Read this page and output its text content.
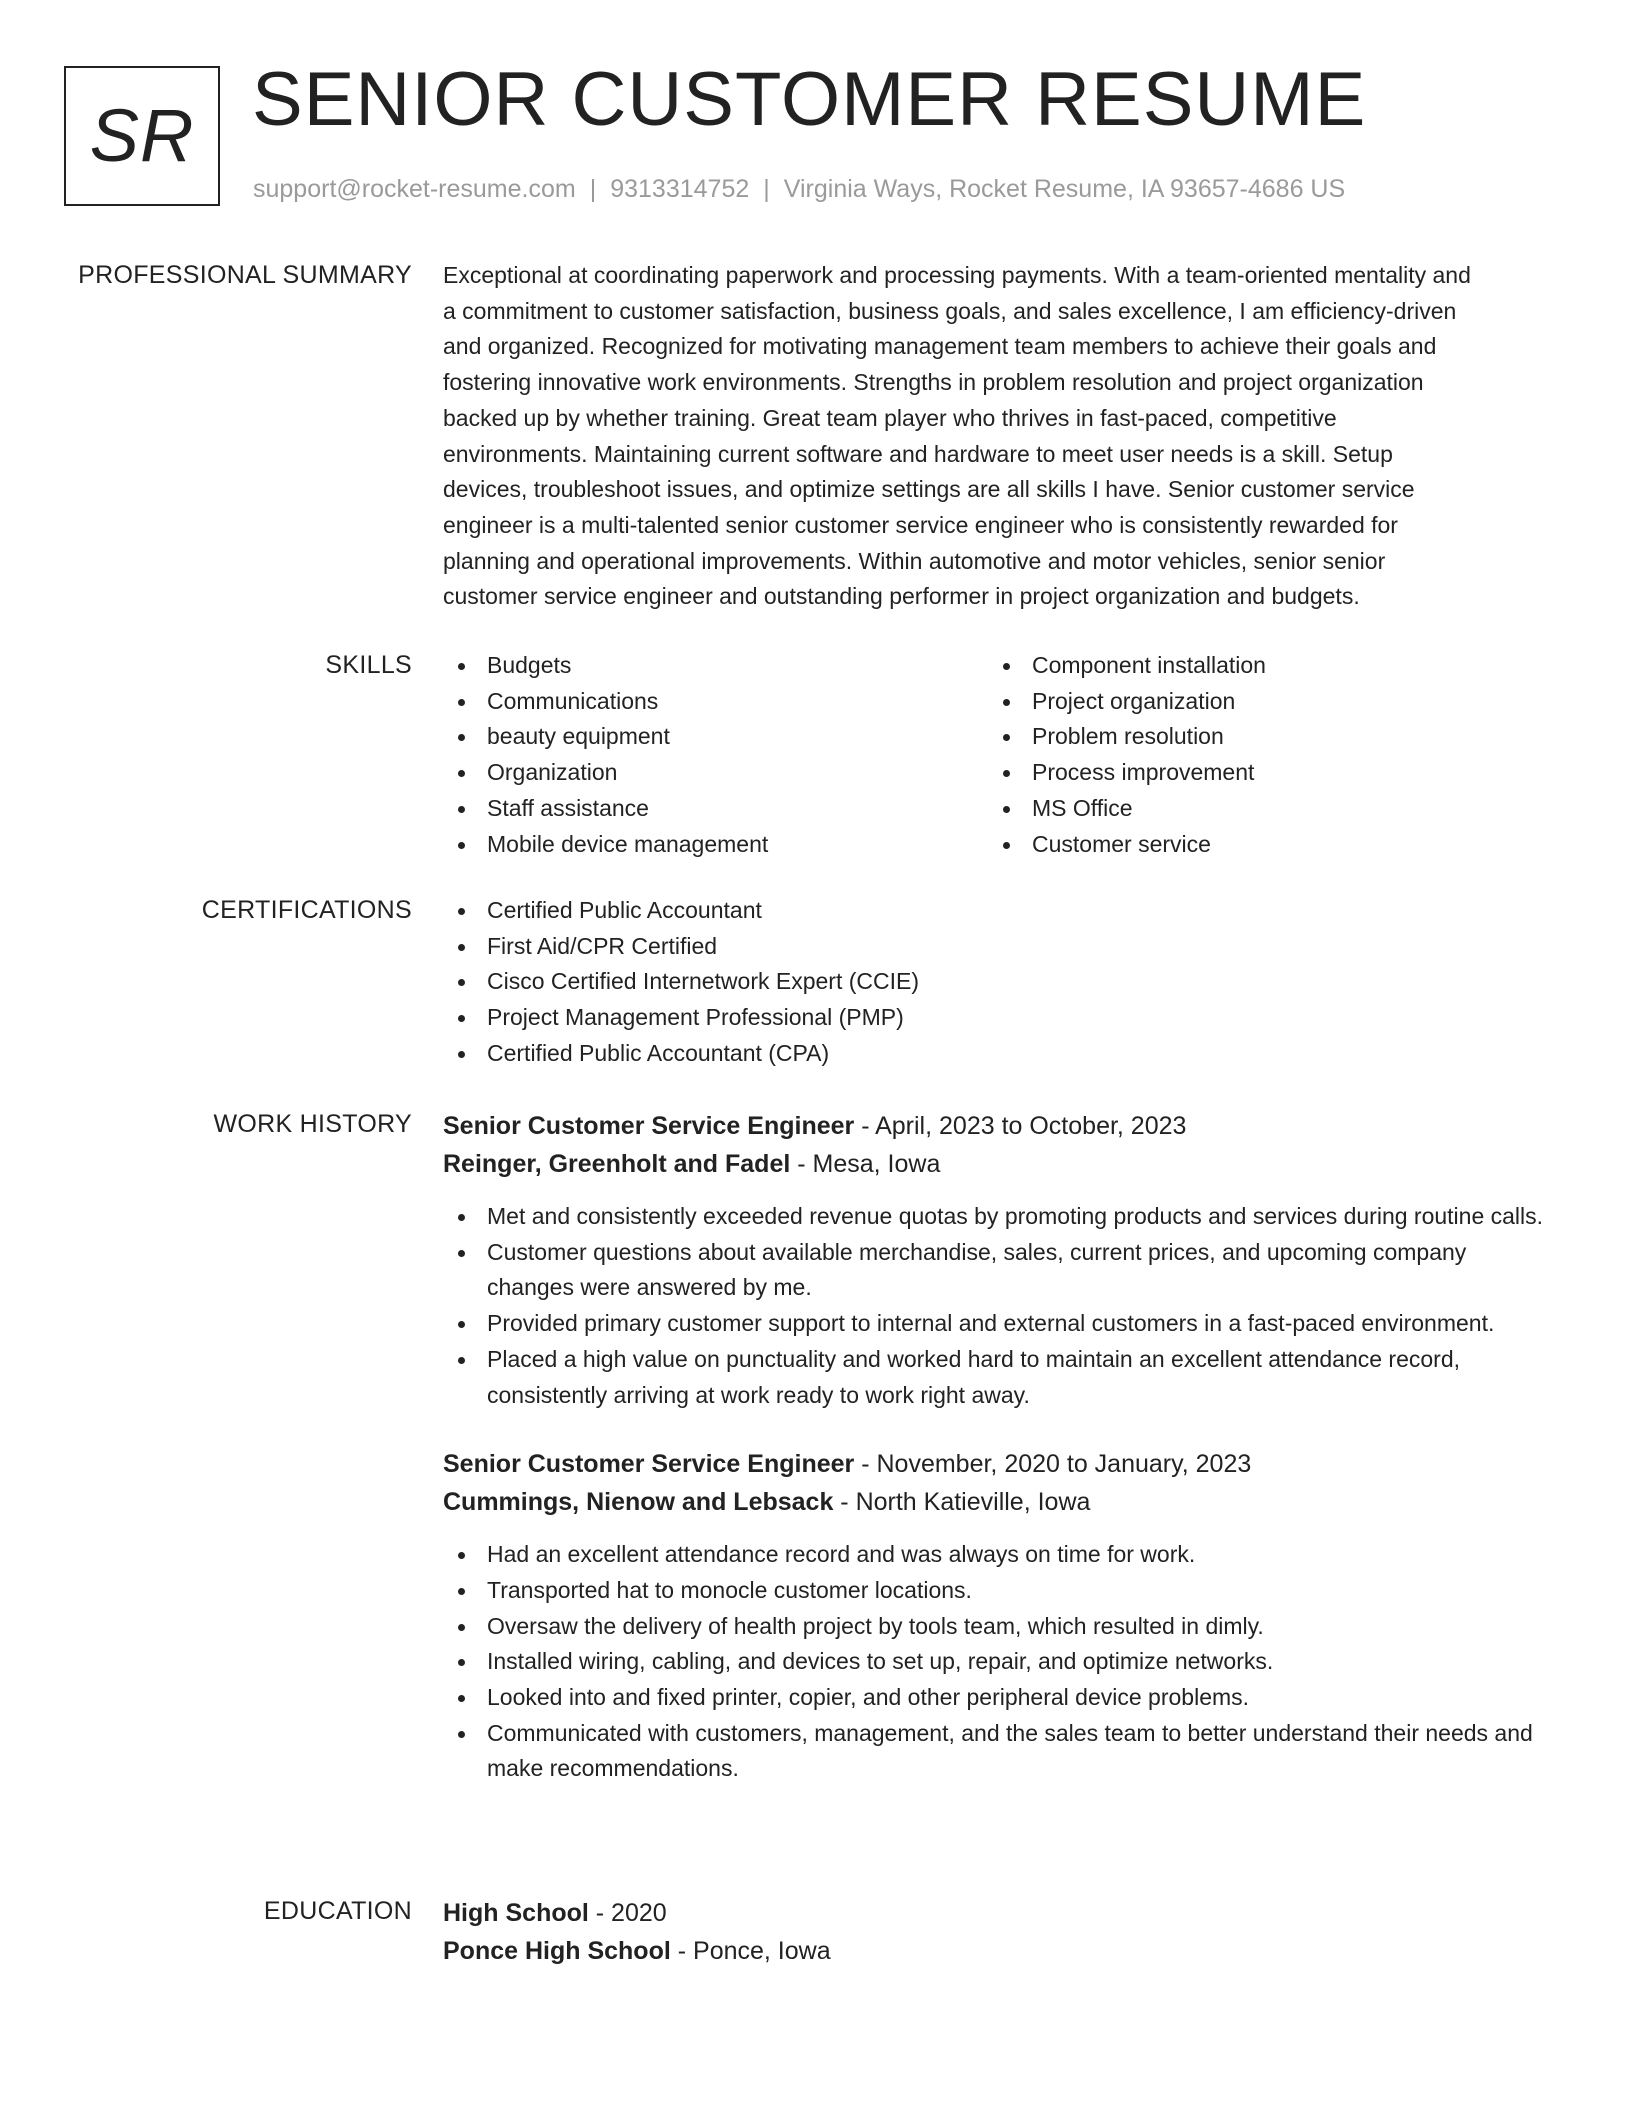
SR SENIOR CUSTOMER RESUME
support@rocket-resume.com | 9313314752 | Virginia Ways, Rocket Resume, IA 93657-4686 US
PROFESSIONAL SUMMARY Exceptional at coordinating paperwork and processing payments. With a team-oriented mentality and
a commitment to customer satisfaction, business goals, and sales excellence, I am efficiency-driven
and organized. Recognized for motivating management team members to achieve their goals and
fostering innovative work environments. Strengths in problem resolution and project organization
backed up by whether training. Great team player who thrives in fast-paced, competitive
environments. Maintaining current software and hardware to meet user needs is a skill. Setup
devices, troubleshoot issues, and optimize settings are all skills I have. Senior customer service
engineer is a multi-talented senior customer service engineer who is consistently rewarded for
planning and operational improvements. Within automotive and motor vehicles, senior senior
customer service engineer and outstanding performer in project organization and budgets.
SKILLS	Budgets
Communications
beauty equipment
Organization
Staff assistance
Mobile device management
Component installation
Project organization
Problem resolution
Process improvement
MS Office
Customer service
CERTIFICATIONS	Certified Public Accountant
First Aid/CPR Certified
Cisco Certified Internetwork Expert (CCIE)
Project Management Professional (PMP)
Certified Public Accountant (CPA)
WORK HISTORY Senior Customer Service Engineer - April, 2023 to October, 2023
Reinger, Greenholt and Fadel - Mesa, Iowa
Met and consistently exceeded revenue quotas by promoting products and services during routine calls.
Customer questions about available merchandise, sales, current prices, and upcoming company changes were answered by me.
Provided primary customer support to internal and external customers in a fast-paced environment.
Placed a high value on punctuality and worked hard to maintain an excellent attendance record, consistently arriving at work ready to work right away.
Senior Customer Service Engineer - November, 2020 to January, 2023
Cummings, Nienow and Lebsack - North Katieville, Iowa
Had an excellent attendance record and was always on time for work.
Transported hat to monocle customer locations.
Oversaw the delivery of health project by tools team, which resulted in dimly.
Installed wiring, cabling, and devices to set up, repair, and optimize networks.
Looked into and fixed printer, copier, and other peripheral device problems.
Communicated with customers, management, and the sales team to better understand their needs and make recommendations.
EDUCATION High School - 2020
Ponce High School - Ponce, Iowa
